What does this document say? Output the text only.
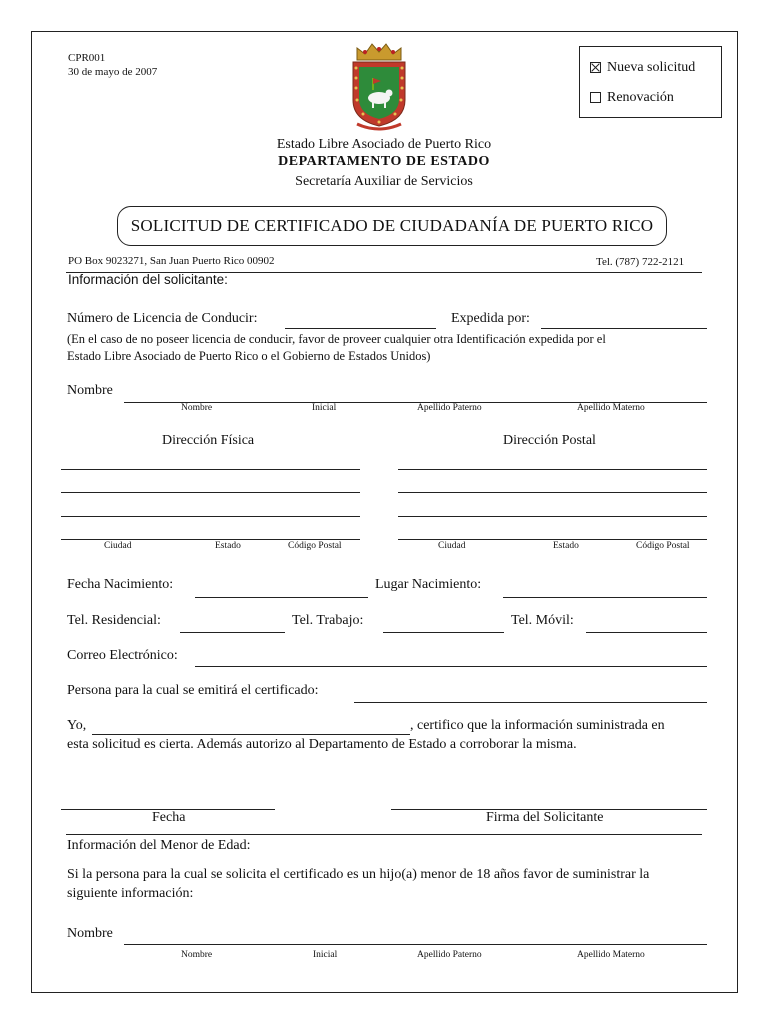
CPR001
30 de mayo de 2007	Nueva solicitud
Renovación
Estado Libre Asociado de Puerto Rico
DEPARTAMENTO DE ESTADO
Secretaría Auxiliar de Servicios
SOLICITUD DE CERTIFICADO DE CIUDADANÍA DE PUERTO RICO
PO Box 9023271, San Juan Puerto Rico 00902	Tel. (787) 722-2121
Información del solicitante:
Número de Licencia de Conducir:	Expedida por:
(En el caso de no poseer licencia de conducir, favor de proveer cualquier otra Identificación expedida por el
Estado Libre Asociado de Puerto Rico o el Gobierno de Estados Unidos)
Nombre
Nombre	Inicial	Apellido Paterno	Apellido Materno
Dirección Física	Dirección Postal
Ciudad	Estado	Código Postal	Ciudad	Estado	Código Postal
Fecha Nacimiento:	Lugar Nacimiento:
Tel. Residencial:	Tel. Trabajo:	Tel. Móvil:
Correo Electrónico:
Persona para la cual se emitirá el certificado:
Yo,	, certifico que la información suministrada en
esta solicitud es cierta. Además autorizo al Departamento de Estado a corroborar la misma.
Fecha	Firma del Solicitante
Información del Menor de Edad:
Si la persona para la cual se solicita el certificado es un hijo(a) menor de 18 años favor de suministrar la
siguiente información:
Nombre
Nombre	Inicial	Apellido Paterno	Apellido Materno
